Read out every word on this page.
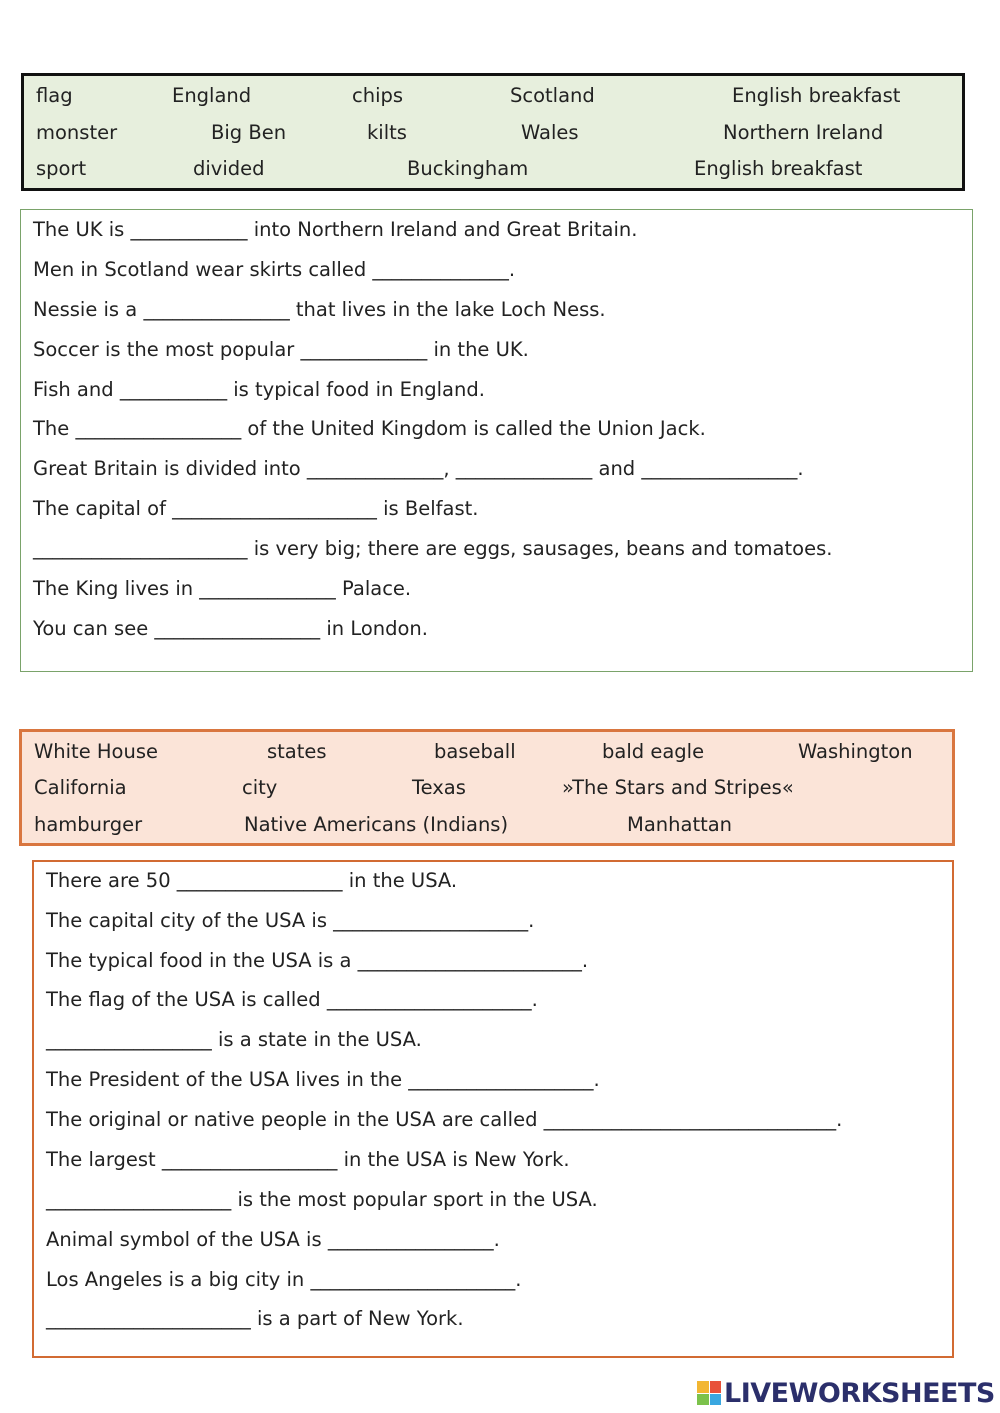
flag	England	chips	Scotland	English breakfast
monster	Big Ben	kilts	Wales	Northern Ireland
sport	divided	Buckingham	English breakfast
The UK is ____________ into Northern Ireland and Great Britain.
Men in Scotland wear skirts called ______________.
Nessie is a _______________ that lives in the lake Loch Ness.
Soccer is the most popular _____________ in the UK.
Fish and ___________ is typical food in England.
The _________________ of the United Kingdom is called the Union Jack.
Great Britain is divided into ______________, ______________ and ________________.
The capital of _____________________ is Belfast.
______________________ is very big; there are eggs, sausages, beans and tomatoes.
The King lives in ______________ Palace.
You can see _________________ in London.
White House	states	baseball	bald eagle	Washington
California	city	Texas	»The Stars and Stripes«
hamburger	Native Americans (Indians)	Manhattan
There are 50 _________________ in the USA.
The capital city of the USA is ____________________.
The typical food in the USA is a _______________________.
The flag of the USA is called _____________________.
_________________ is a state in the USA.
The President of the USA lives in the ___________________.
The original or native people in the USA are called ______________________________.
The largest __________________ in the USA is New York.
___________________ is the most popular sport in the USA.
Animal symbol of the USA is _________________.
Los Angeles is a big city in _____________________.
_____________________ is a part of New York.
LIVEWORKSHEETS
